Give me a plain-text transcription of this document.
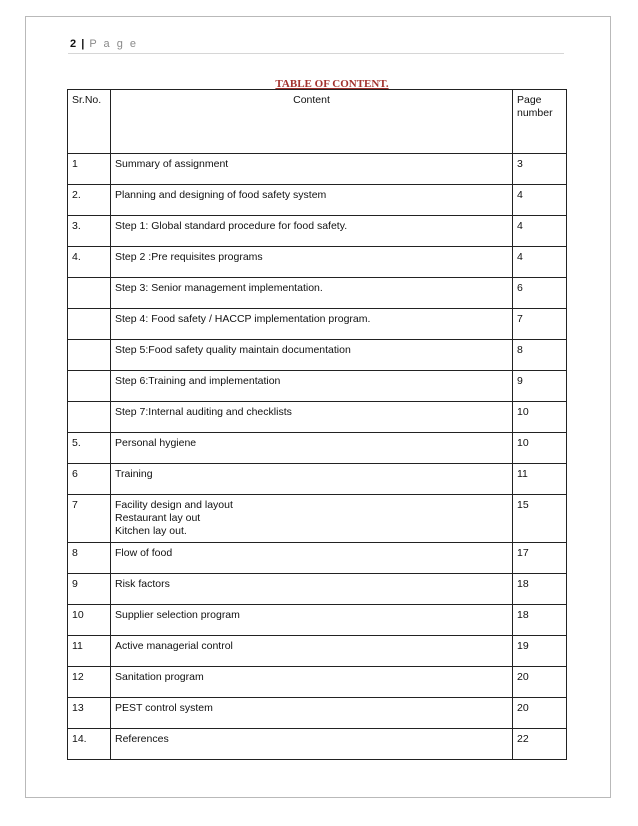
2 | P a g e
TABLE OF CONTENT.
Sr.No.	Content	Page number
1	Summary of assignment	3
2.	Planning and designing of food safety system	4
3.	Step 1: Global standard procedure for food safety.	4
4.	Step 2 :Pre requisites programs	4
	Step 3: Senior management implementation.	6
	Step 4: Food safety / HACCP implementation program.	7
	Step 5:Food safety quality maintain documentation	8
	Step 6:Training and implementation	9
	Step 7:Internal auditing and checklists	10
5.	Personal hygiene	10
6	Training	11
7	Facility design and layout
Restaurant lay out
Kitchen lay out.	15
8	Flow of food	17
9	Risk factors	18
10	Supplier selection program	18
11	Active managerial control	19
12	Sanitation program	20
13	PEST control system	20
14.	References	22
